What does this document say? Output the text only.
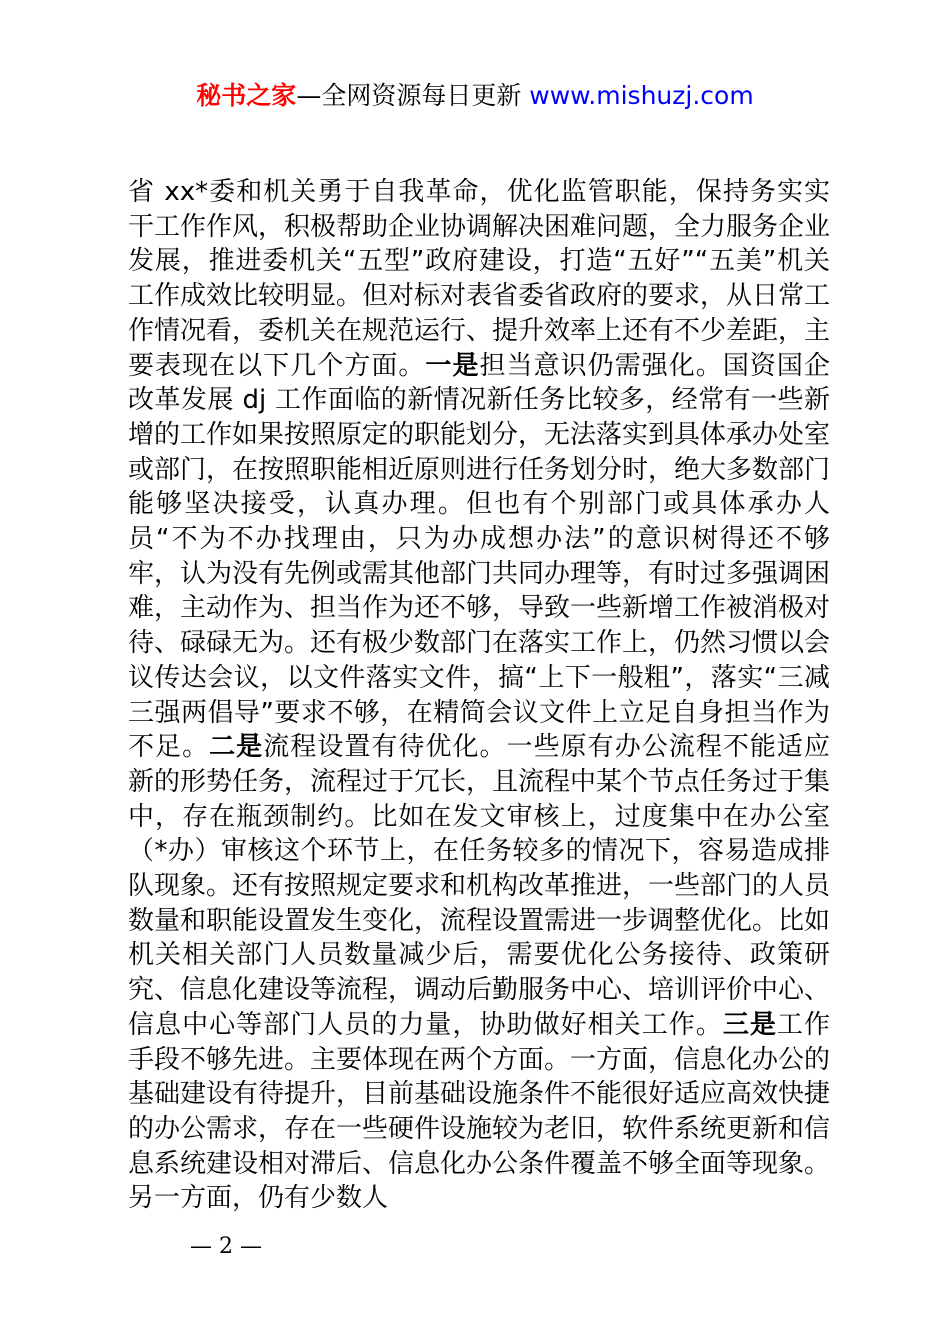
秘书之家—全网资源每日更新 www.mishuzj.com

省 xx*委和机关勇于自我革命，优化监管职能，保持务实实干工作作风，积极帮助企业协调解决困难问题，全力服务企业发展，推进委机关“五型”政府建设，打造“五好”“五美”机关工作成效比较明显。但对标对表省委省政府的要求，从日常工作情况看，委机关在规范运行、提升效率上还有不少差距，主要表现在以下几个方面。一是担当意识仍需强化。国资国企改革发展 dj 工作面临的新情况新任务比较多，经常有一些新增的工作如果按照原定的职能划分，无法落实到具体承办处室或部门，在按照职能相近原则进行任务划分时，绝大多数部门能够坚决接受，认真办理。但也有个别部门或具体承办人员“不为不办找理由，只为办成想办法”的意识树得还不够牢，认为没有先例或需其他部门共同办理等，有时过多强调困难，主动作为、担当作为还不够，导致一些新增工作被消极对待、碌碌无为。还有极少数部门在落实工作上，仍然习惯以会议传达会议，以文件落实文件，搞“上下一般粗”，落实“三减三强两倡导”要求不够，在精简会议文件上立足自身担当作为不足。二是流程设置有待优化。一些原有办公流程不能适应新的形势任务，流程过于冗长，且流程中某个节点任务过于集中，存在瓶颈制约。比如在发文审核上，过度集中在办公室（*办）审核这个环节上，在任务较多的情况下，容易造成排队现象。还有按照规定要求和机构改革推进，一些部门的人员数量和职能设置发生变化，流程设置需进一步调整优化。比如机关相关部门人员数量减少后，需要优化公务接待、政策研究、信息化建设等流程，调动后勤服务中心、培训评价中心、信息中心等部门人员的力量，协助做好相关工作。三是工作手段不够先进。主要体现在两个方面。一方面，信息化办公的基础建设有待提升，目前基础设施条件不能很好适应高效快捷的办公需求，存在一些硬件设施较为老旧，软件系统更新和信息系统建设相对滞后、信息化办公条件覆盖不够全面等现象。另一方面，仍有少数人

— 2 —
